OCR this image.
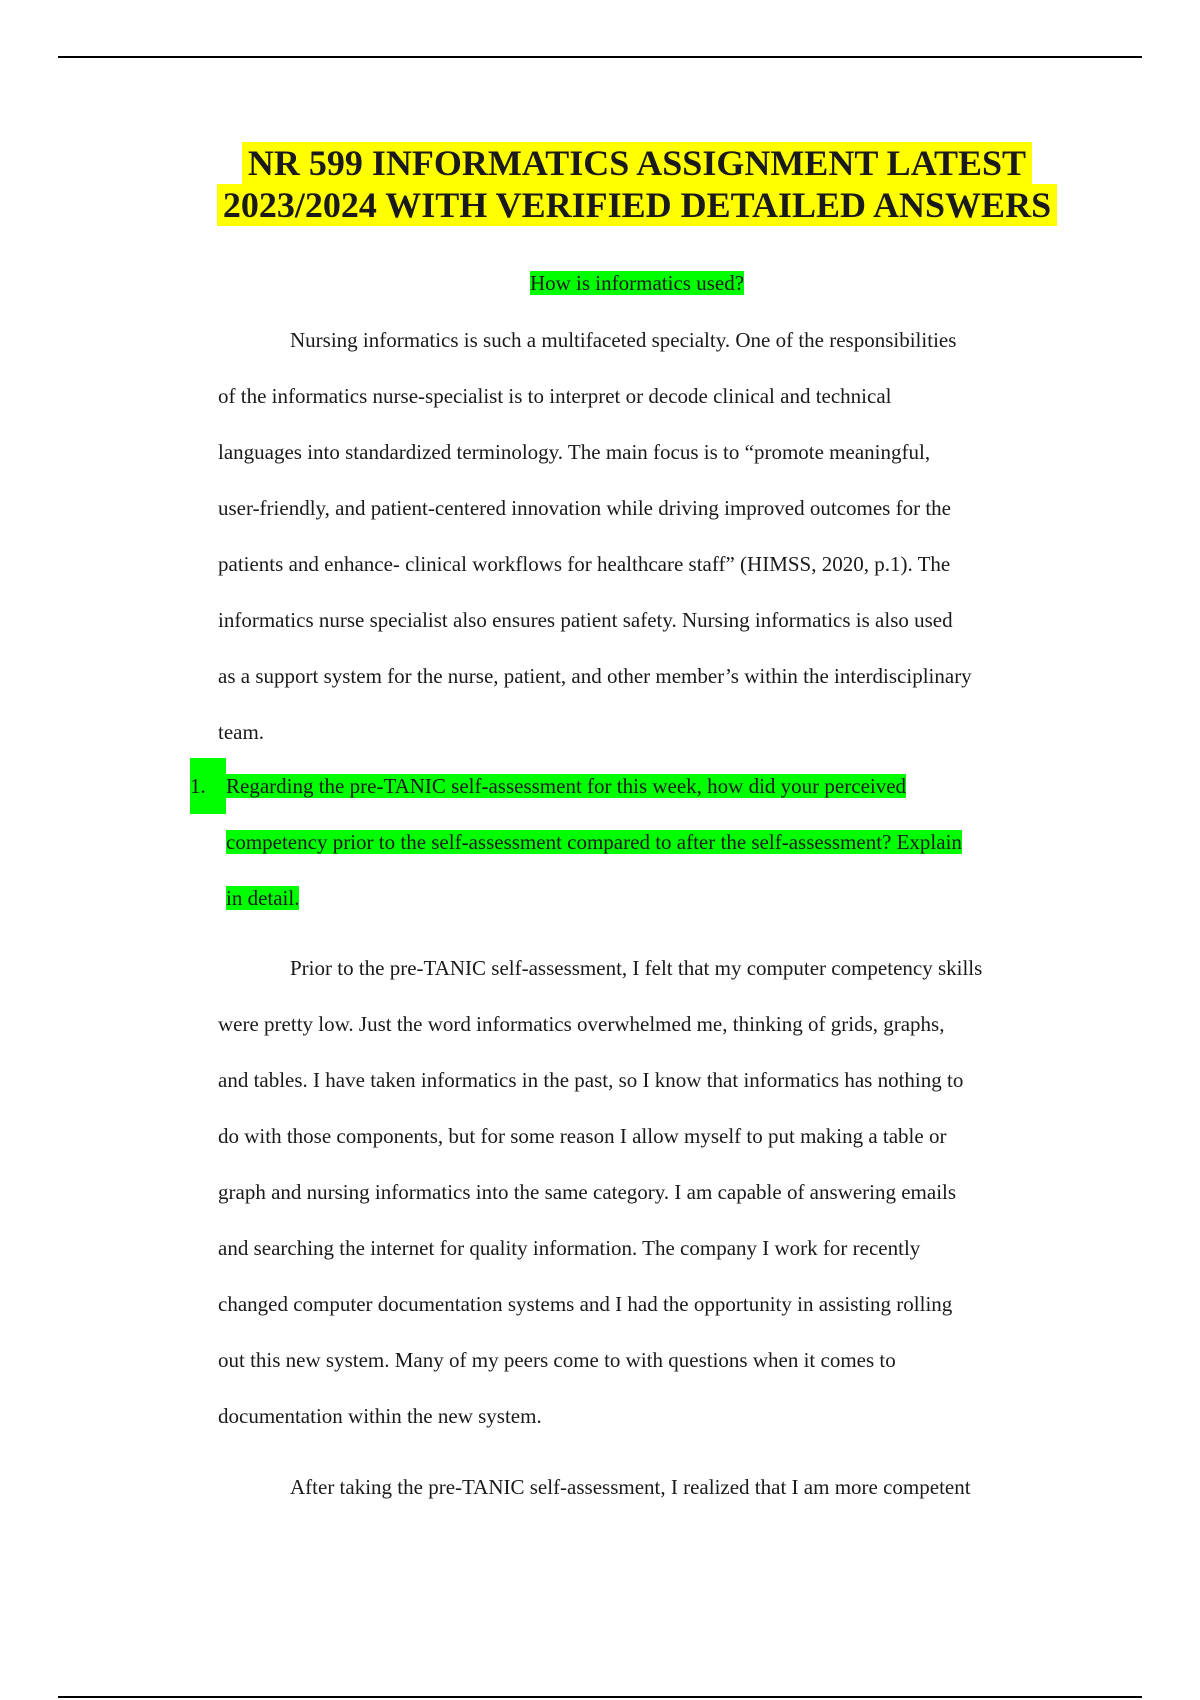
NR 599 INFORMATICS ASSIGNMENT LATEST
2023/2024 WITH VERIFIED DETAILED ANSWERS
How is informatics used?
Nursing informatics is such a multifaceted specialty. One of the responsibilities
of the informatics nurse-specialist is to interpret or decode clinical and technical
languages into standardized terminology. The main focus is to “promote meaningful,
user-friendly, and patient-centered innovation while driving improved outcomes for the
patients and enhance- clinical workflows for healthcare staff” (HIMSS, 2020, p.1). The
informatics nurse specialist also ensures patient safety. Nursing informatics is also used
as a support system for the nurse, patient, and other member’s within the interdisciplinary
team.
1. Regarding the pre-TANIC self-assessment for this week, how did your perceived
competency prior to the self-assessment compared to after the self-assessment? Explain
in detail.
Prior to the pre-TANIC self-assessment, I felt that my computer competency skills
were pretty low. Just the word informatics overwhelmed me, thinking of grids, graphs,
and tables. I have taken informatics in the past, so I know that informatics has nothing to
do with those components, but for some reason I allow myself to put making a table or
graph and nursing informatics into the same category. I am capable of answering emails
and searching the internet for quality information. The company I work for recently
changed computer documentation systems and I had the opportunity in assisting rolling
out this new system. Many of my peers come to with questions when it comes to
documentation within the new system.
After taking the pre-TANIC self-assessment, I realized that I am more competent
